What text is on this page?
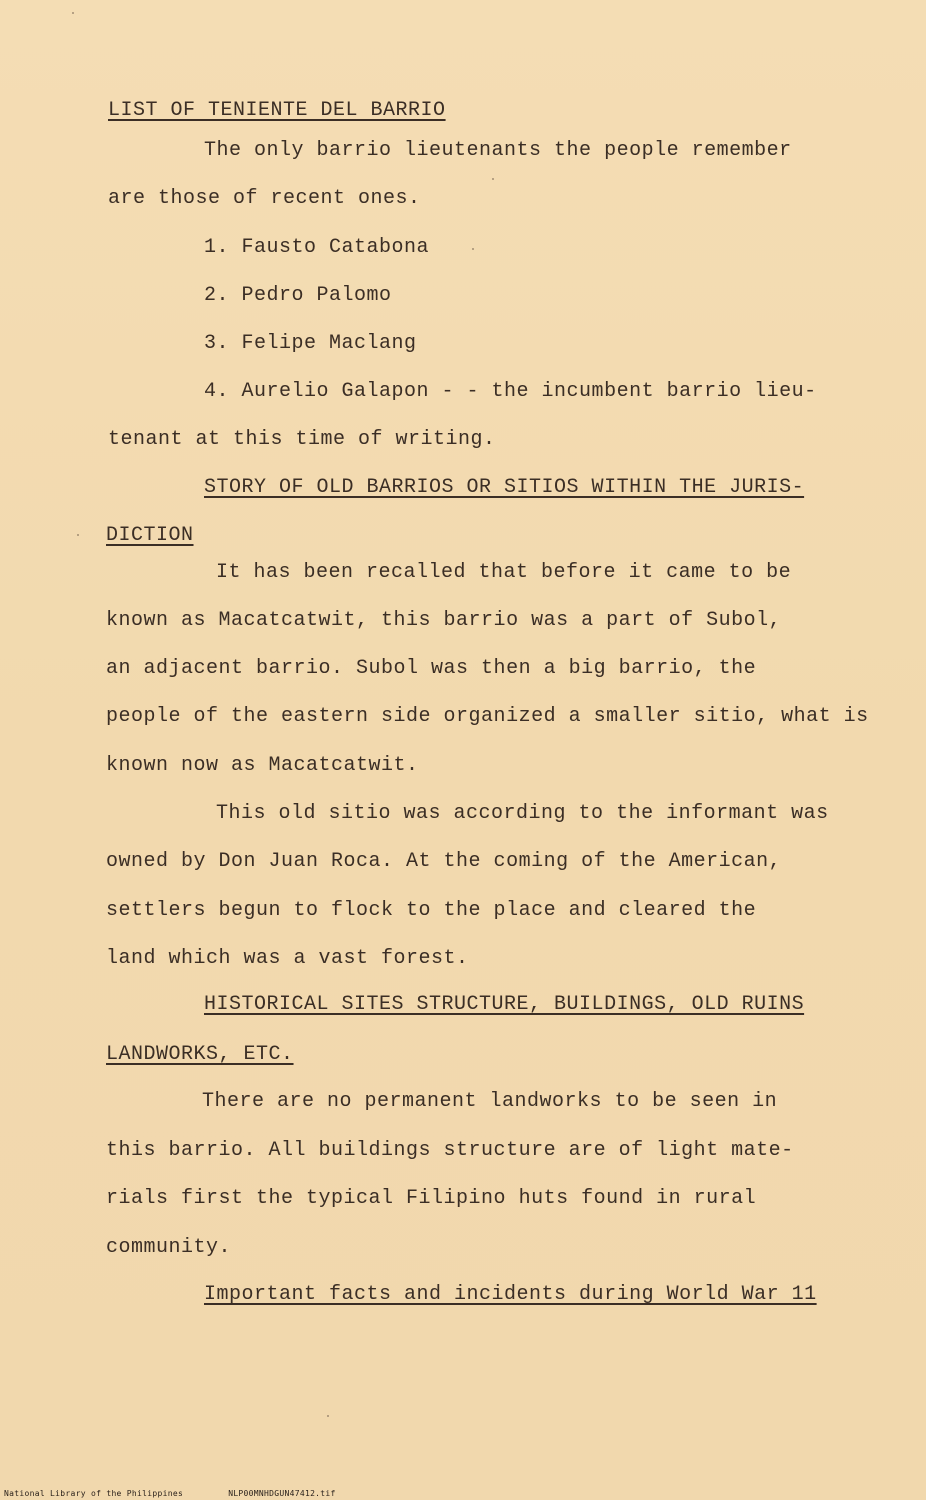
LIST OF TENIENTE DEL BARRIO
The only barrio lieutenants the people remember
are those of recent ones.
1. Fausto Catabona
2. Pedro Palomo
3. Felipe Maclang
4. Aurelio Galapon - - the incumbent barrio lieu-
tenant at this time of writing.
STORY OF OLD BARRIOS OR SITIOS WITHIN THE JURIS-
DICTION
It has been recalled that before it came to be
known as Macatcatwit, this barrio was a part of Subol,
an adjacent barrio. Subol was then a big barrio, the
people of the eastern side organized a smaller sitio, what is
known now as Macatcatwit.
This old sitio was according to the informant was
owned by Don Juan Roca. At the coming of the American,
settlers begun to flock to the place and cleared the
land which was a vast forest.
HISTORICAL SITES STRUCTURE, BUILDINGS, OLD RUINS
LANDWORKS, ETC.
There are no permanent landworks to be seen in
this barrio. All buildings structure are of light mate-
rials first the typical Filipino huts found in rural
community.
Important facts and incidents during World War 11
National Library of the Philippines	NLP00MNHDGUN47412.tif
